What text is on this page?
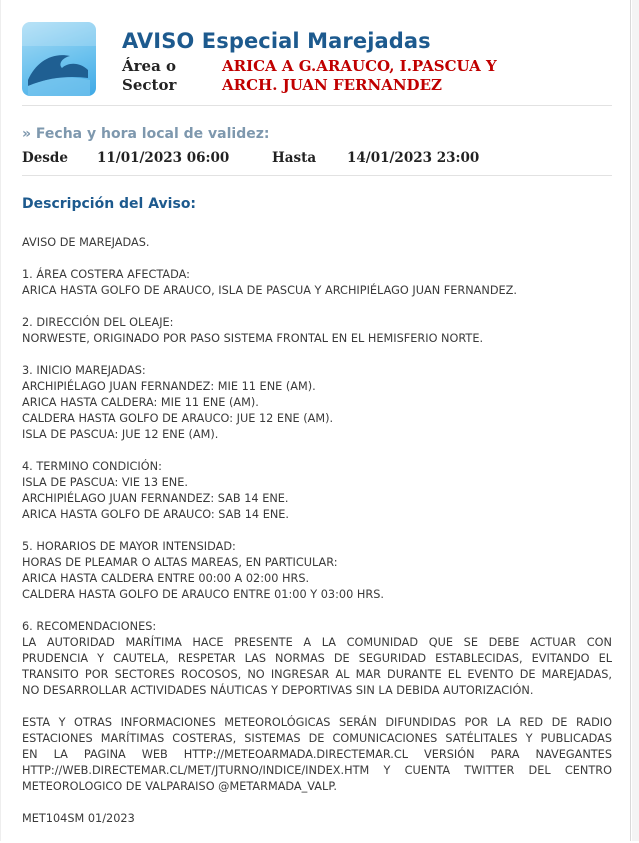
AVISO Especial Marejadas
Área o
Sector
ARICA A G.ARAUCO, I.PASCUA Y
ARCH. JUAN FERNANDEZ
» Fecha y hora local de validez:
Desde 11/01/2023 06:00	Hasta 14/01/2023 23:00
Descripción del Aviso:
AVISO DE MAREJADAS.
1. ÁREA COSTERA AFECTADA:
ARICA HASTA GOLFO DE ARAUCO, ISLA DE PASCUA Y ARCHIPIÉLAGO JUAN FERNANDEZ.
2. DIRECCIÓN DEL OLEAJE:
NORWESTE, ORIGINADO POR PASO SISTEMA FRONTAL EN EL HEMISFERIO NORTE.
3. INICIO MAREJADAS:
ARCHIPIÉLAGO JUAN FERNANDEZ: MIE 11 ENE (AM).
ARICA HASTA CALDERA: MIE 11 ENE (AM).
CALDERA HASTA GOLFO DE ARAUCO: JUE 12 ENE (AM).
ISLA DE PASCUA: JUE 12 ENE (AM).
4. TERMINO CONDICIÓN:
ISLA DE PASCUA: VIE 13 ENE.
ARCHIPIÉLAGO JUAN FERNANDEZ: SAB 14 ENE.
ARICA HASTA GOLFO DE ARAUCO: SAB 14 ENE.
5. HORARIOS DE MAYOR INTENSIDAD:
HORAS DE PLEAMAR O ALTAS MAREAS, EN PARTICULAR:
ARICA HASTA CALDERA ENTRE 00:00 A 02:00 HRS.
CALDERA HASTA GOLFO DE ARAUCO ENTRE 01:00 Y 03:00 HRS.
6. RECOMENDACIONES:
LA AUTORIDAD MARÍTIMA HACE PRESENTE A LA COMUNIDAD QUE SE DEBE ACTUAR CON
PRUDENCIA Y CAUTELA, RESPETAR LAS NORMAS DE SEGURIDAD ESTABLECIDAS, EVITANDO EL
TRANSITO POR SECTORES ROCOSOS, NO INGRESAR AL MAR DURANTE EL EVENTO DE MAREJADAS,
NO DESARROLLAR ACTIVIDADES NÁUTICAS Y DEPORTIVAS SIN LA DEBIDA AUTORIZACIÓN.
ESTA Y OTRAS INFORMACIONES METEOROLÓGICAS SERÁN DIFUNDIDAS POR LA RED DE RADIO
ESTACIONES MARÍTIMAS COSTERAS, SISTEMAS DE COMUNICACIONES SATÉLITALES Y PUBLICADAS
EN LA PAGINA WEB HTTP://METEOARMADA.DIRECTEMAR.CL VERSIÓN PARA NAVEGANTES
HTTP://WEB.DIRECTEMAR.CL/MET/JTURNO/INDICE/INDEX.HTM Y CUENTA TWITTER DEL CENTRO
METEOROLOGICO DE VALPARAISO @METARMADA_VALP.
MET104SM 01/2023
